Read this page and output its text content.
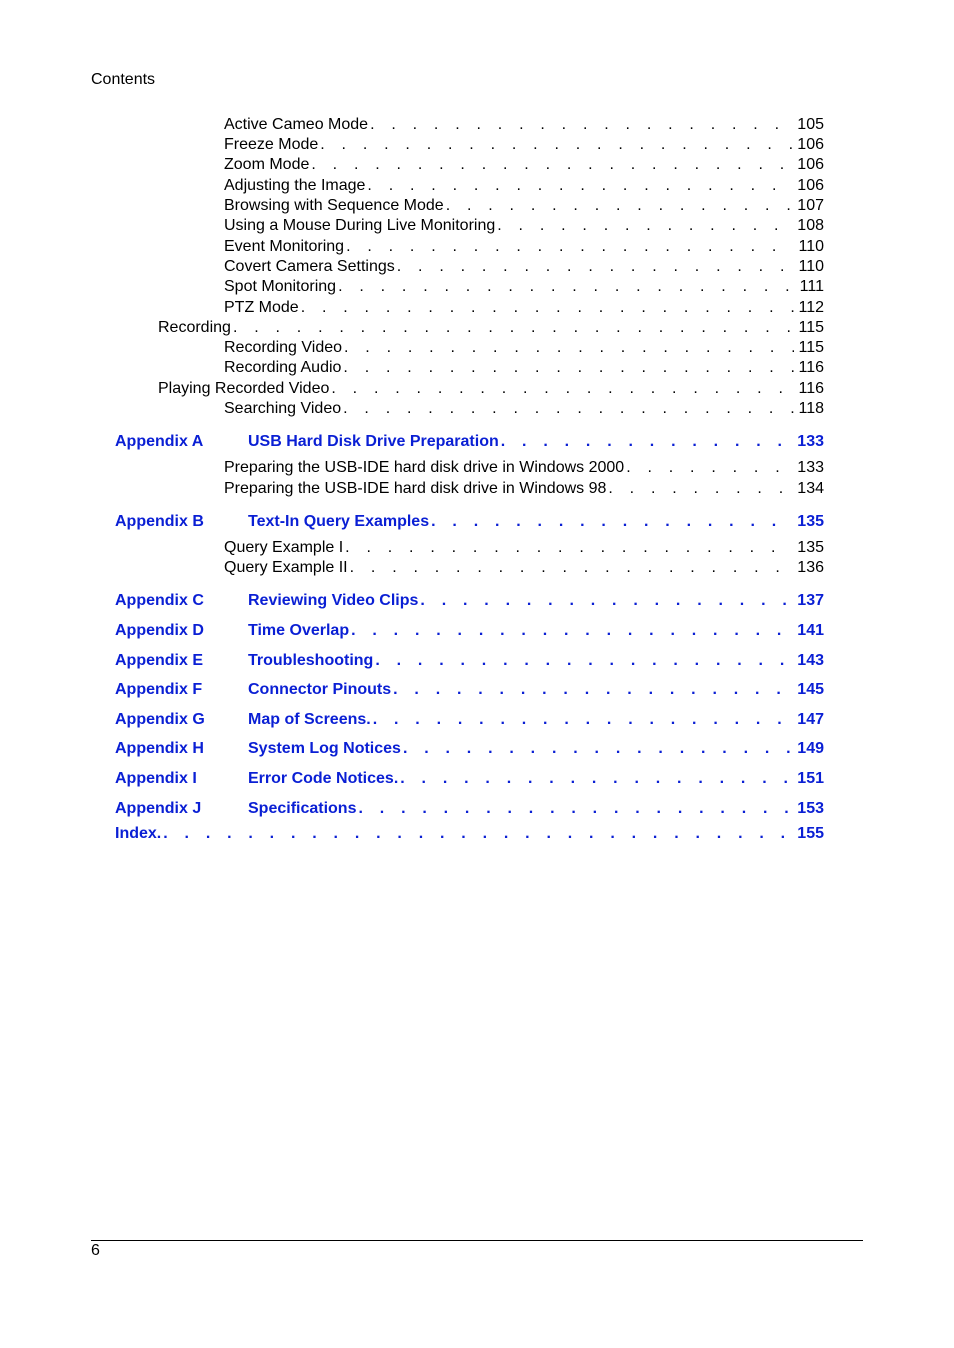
Contents
Active Cameo Mode . . .	105
Freeze Mode . . .	106
Zoom Mode . . .	106
Adjusting the Image . . .	106
Browsing with Sequence Mode . . .	107
Using a Mouse During Live Monitoring . . .	108
Event Monitoring . . .	110
Covert Camera Settings . . .	110
Spot Monitoring . . .	111
PTZ Mode . . .	112
Recording . . .	115
Recording Video . . .	115
Recording Audio . . .	116
Playing Recorded Video . . .	116
Searching Video . . .	118
Appendix A	USB Hard Disk Drive Preparation . . .	133
Preparing the USB-IDE hard disk drive in Windows 2000 . . .	133
Preparing the USB-IDE hard disk drive in Windows 98 . . .	134
Appendix B	Text-In Query Examples . . .	135
Query Example I . . .	135
Query Example II . . .	136
Appendix C	Reviewing Video Clips . . .	137
Appendix D	Time Overlap . . .	141
Appendix E	Troubleshooting . . .	143
Appendix F	Connector Pinouts . . .	145
Appendix G	Map of Screens. . . .	147
Appendix H	System Log Notices . . .	149
Appendix I	Error Code Notices. . . .	151
Appendix J	Specifications . . .	153
Index. . . .	155
6
